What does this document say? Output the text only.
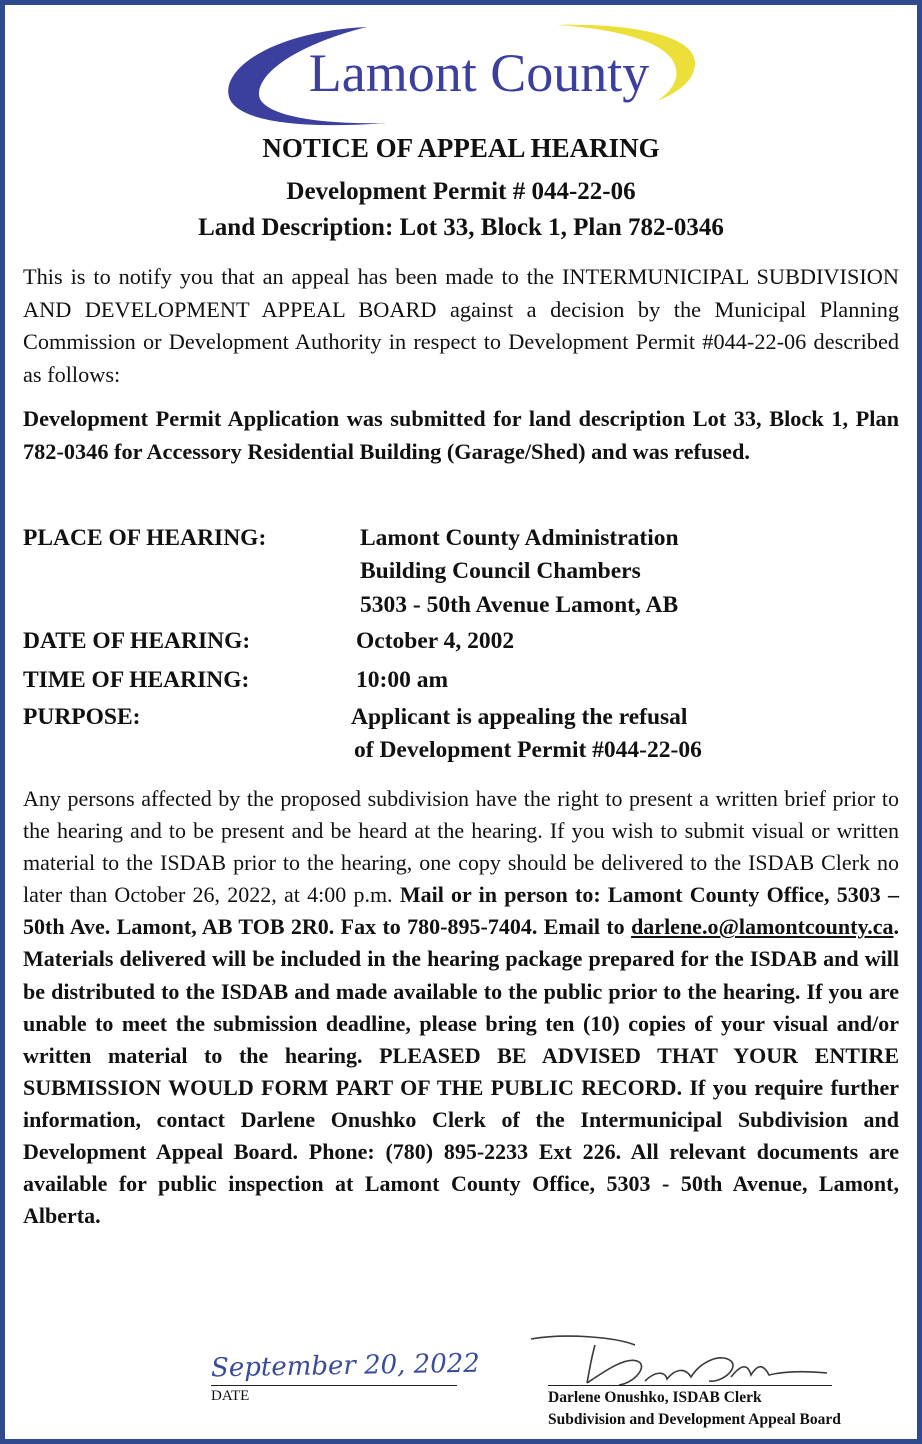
Lamont County
NOTICE OF APPEAL HEARING
Development Permit # 044-22-06
Land Description: Lot 33, Block 1, Plan 782-0346
This is to notify you that an appeal has been made to the INTERMUNICIPAL SUBDIVISION AND DEVELOPMENT APPEAL BOARD against a decision by the Municipal Planning Commission or Development Authority in respect to Development Permit #044-22-06 described as follows:
Development Permit Application was submitted for land description Lot 33, Block 1, Plan 782-0346 for Accessory Residential Building (Garage/Shed) and was refused.
PLACE OF HEARING:	Lamont County Administration
Building Council Chambers
5303 - 50th Avenue Lamont, AB
DATE OF HEARING:	October 4, 2002
TIME OF HEARING:	10:00 am
PURPOSE:	Applicant is appealing the refusal
of Development Permit #044-22-06
Any persons affected by the proposed subdivision have the right to present a written brief prior to the hearing and to be present and be heard at the hearing. If you wish to submit visual or written material to the ISDAB prior to the hearing, one copy should be delivered to the ISDAB Clerk no later than October 26, 2022, at 4:00 p.m. Mail or in person to: Lamont County Office, 5303 – 50th Ave. Lamont, AB TOB 2R0. Fax to 780-895-7404. Email to darlene.o@lamontcounty.ca. Materials delivered will be included in the hearing package prepared for the ISDAB and will be distributed to the ISDAB and made available to the public prior to the hearing. If you are unable to meet the submission deadline, please bring ten (10) copies of your visual and/or written material to the hearing. PLEASED BE ADVISED THAT YOUR ENTIRE SUBMISSION WOULD FORM PART OF THE PUBLIC RECORD. If you require further information, contact Darlene Onushko Clerk of the Intermunicipal Subdivision and Development Appeal Board. Phone: (780) 895-2233 Ext 226. All relevant documents are available for public inspection at Lamont County Office, 5303 - 50th Avenue, Lamont, Alberta.
September 20, 2022
DATE	Darlene Onushko, ISDAB Clerk
Subdivision and Development Appeal Board
